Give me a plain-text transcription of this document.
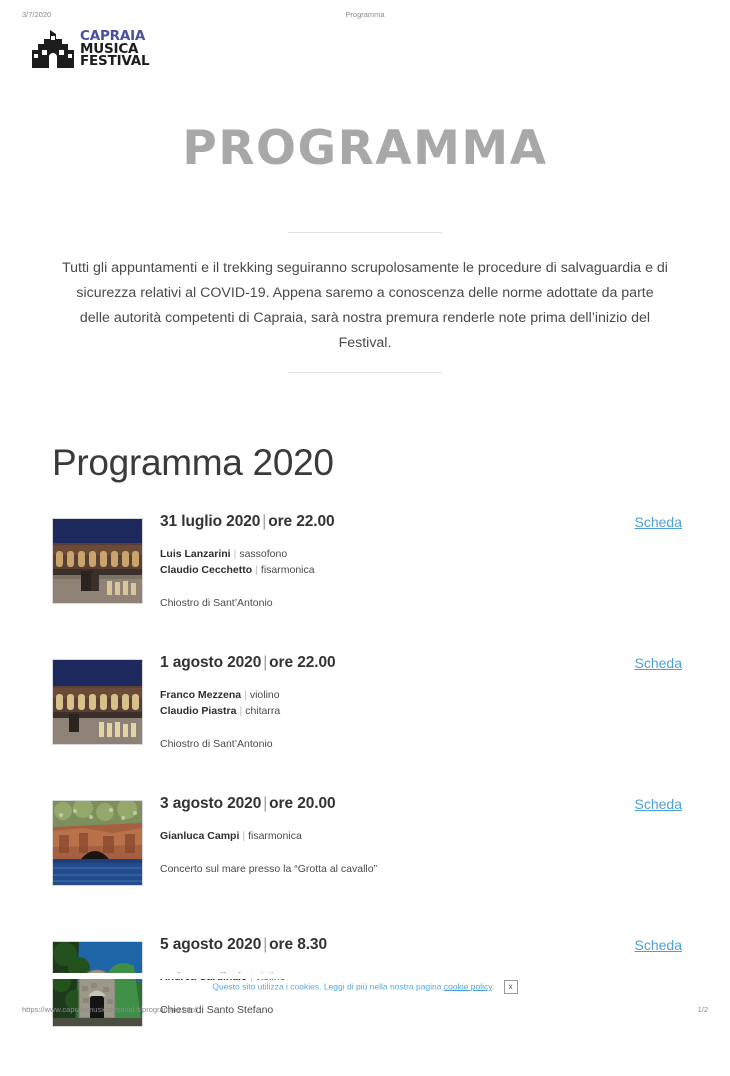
3/7/2020	Programma
CAPRAIA
MUSICA
FESTIVAL
PROGRAMMA
Tutti gli appuntamenti e il trekking seguiranno scrupolosamente le procedure di salvaguardia e di sicurezza relativi al COVID-19. Appena saremo a conoscenza delle norme adottate da parte delle autorità competenti di Capraia, sarà nostra premura renderle note prima dell’inizio del Festival.
Programma 2020
31 luglio 2020 | ore 22.00
Luis Lanzarini | sassofono
Claudio Cecchetto | fisarmonica
Chiostro di Sant’Antonio
Scheda
1 agosto 2020 | ore 22.00
Franco Mezzena | violino
Claudio Piastra | chitarra
Chiostro di Sant’Antonio
Scheda
3 agosto 2020 | ore 20.00
Gianluca Campi | fisarmonica
Concerto sul mare presso la “Grotta al cavallo”
Scheda
5 agosto 2020 | ore 8.30
Chiesa di Santo Stefano
Scheda
Questo sito utilizza i cookies. Leggi di più nella nostra pagina cookie policy. x
https://www.capraiamusicafestival.it/programma.html	1/2
